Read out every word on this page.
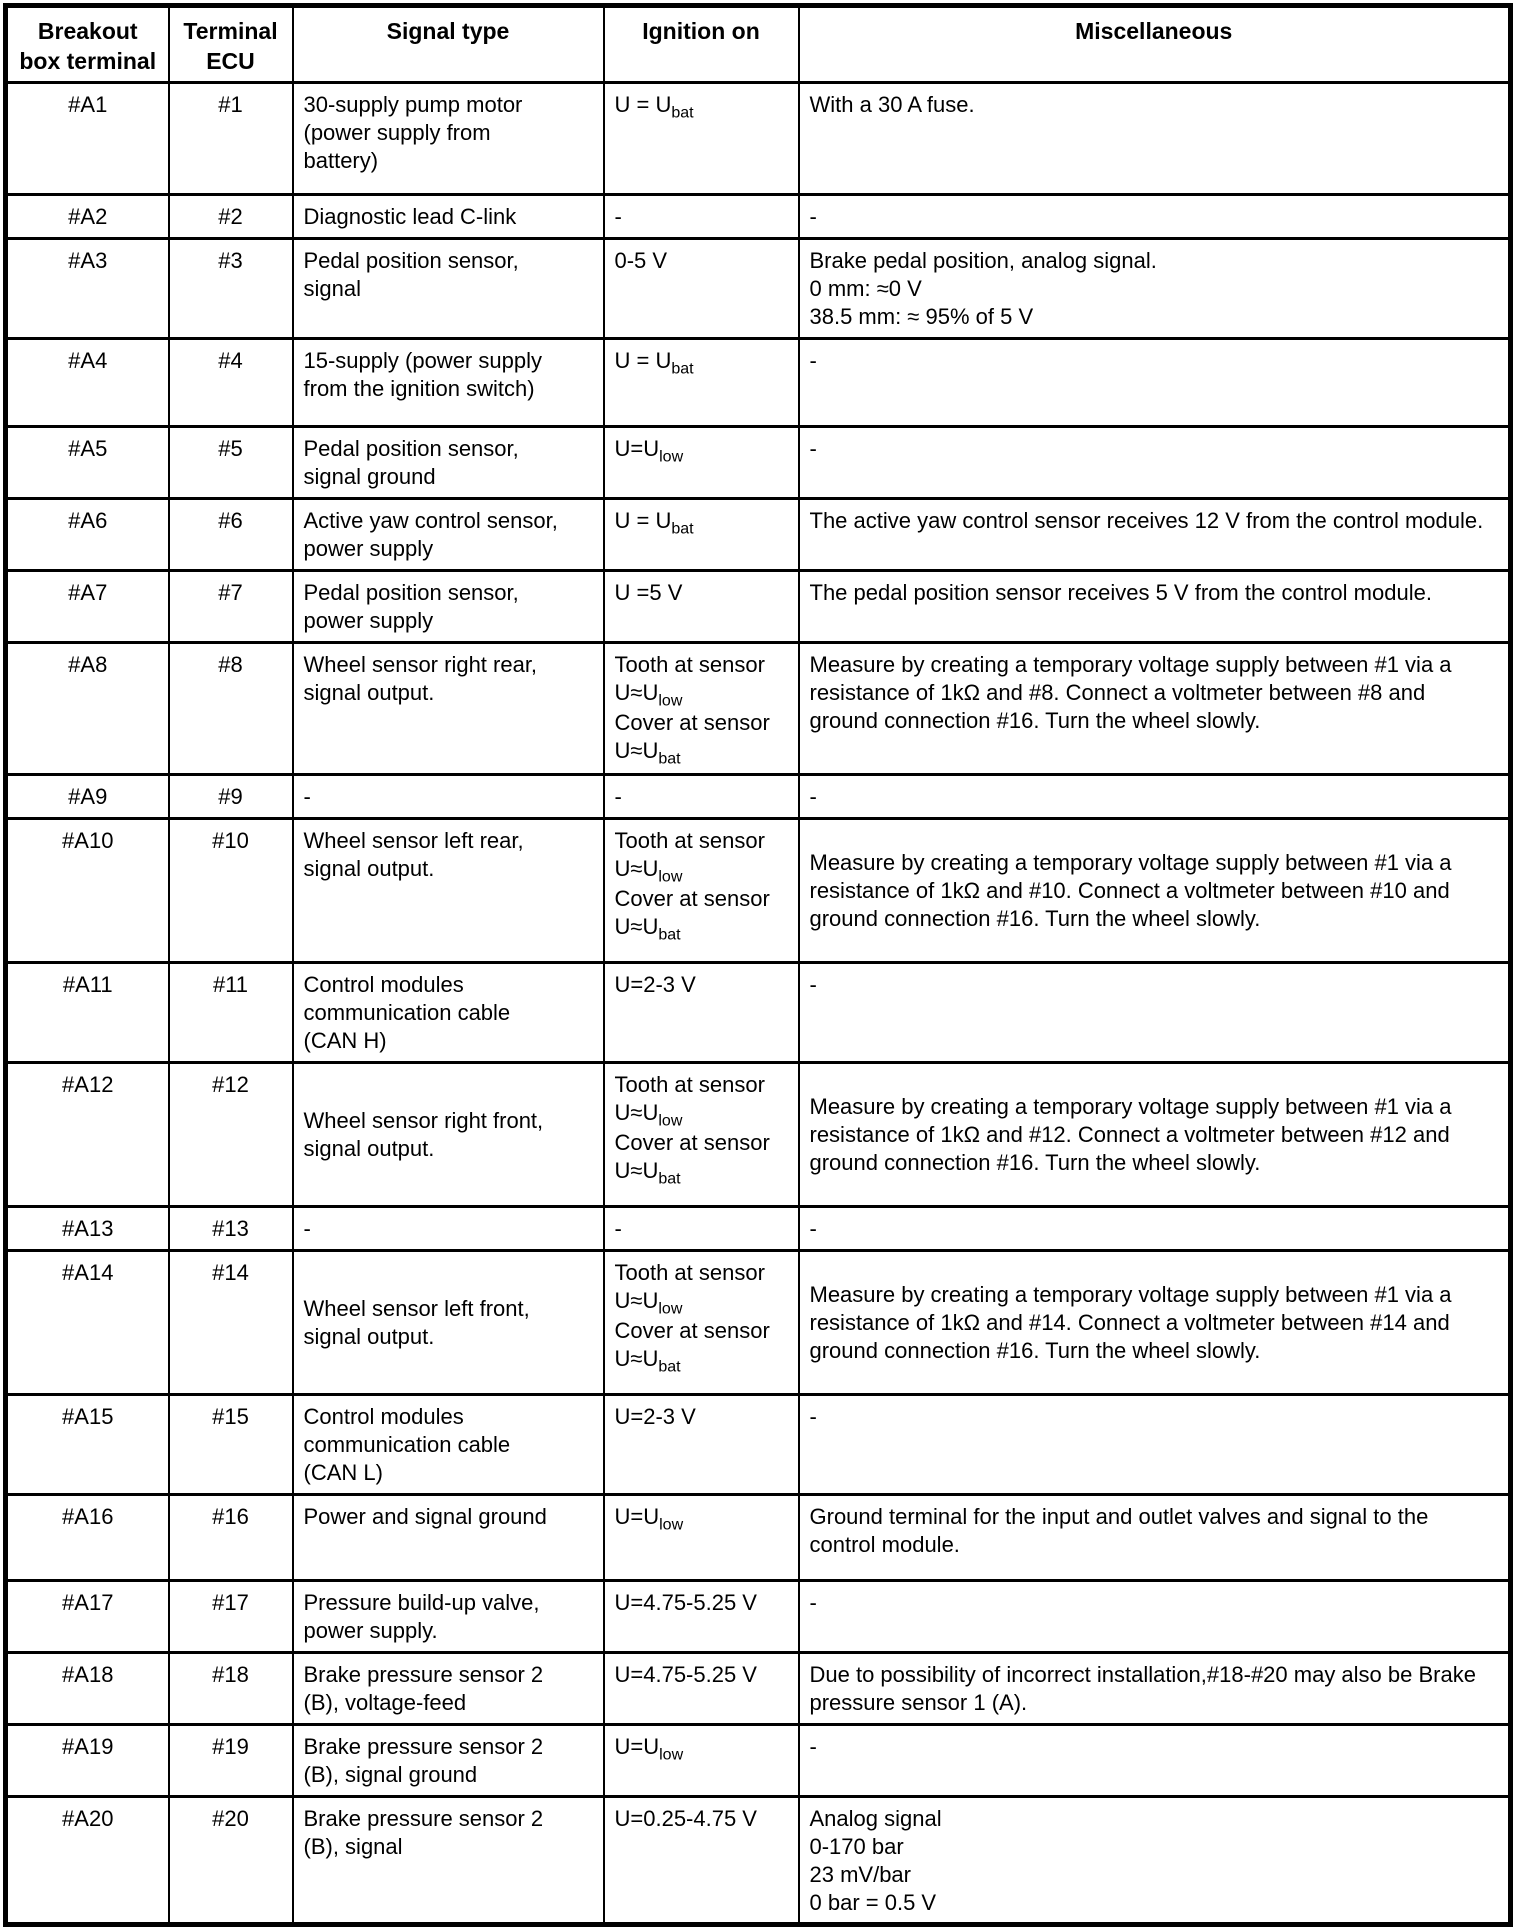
Breakout
box terminal	Terminal
ECU	Signal type	Ignition on	Miscellaneous
#A1	#1	30-supply pump motor
(power supply from
battery)	$U = U_{bat}$	With a 30 A fuse.
#A2	#2	Diagnostic lead C-link	-	-
#A3	#3	Pedal position sensor,
signal	0-5 V	Brake pedal position, analog signal.
0 mm: ≈0 V
38.5 mm: ≈ 95% of 5 V
#A4	#4	15-supply (power supply
from the ignition switch)	$U = U_{bat}$	-
#A5	#5	Pedal position sensor,
signal ground	$U=U_{low}$	-
#A6	#6	Active yaw control sensor,
power supply	$U = U_{bat}$	The active yaw control sensor receives 12 V from the control module.
#A7	#7	Pedal position sensor,
power supply	U =5 V	The pedal position sensor receives 5 V from the control module.
#A8	#8	Wheel sensor right rear,
signal output.	Tooth at sensor
$U\approx U_{low}$
Cover at sensor
$U\approx U_{bat}$	Measure by creating a temporary voltage supply between #1 via a resistance of 1kΩ and #8. Connect a voltmeter between #8 and ground connection #16. Turn the wheel slowly.
#A9	#9	-	-	-
#A10	#10	Wheel sensor left rear,
signal output.	Tooth at sensor
$U\approx U_{low}$
Cover at sensor
$U\approx U_{bat}$	Measure by creating a temporary voltage supply between #1 via a resistance of 1kΩ and #10. Connect a voltmeter between #10 and ground connection #16. Turn the wheel slowly.
#A11	#11	Control modules
communication cable
(CAN H)	U=2-3 V	-
#A12	#12	Wheel sensor right front,
signal output.	Tooth at sensor
$U\approx U_{low}$
Cover at sensor
$U\approx U_{bat}$	Measure by creating a temporary voltage supply between #1 via a resistance of 1kΩ and #12. Connect a voltmeter between #12 and ground connection #16. Turn the wheel slowly.
#A13	#13	-	-	-
#A14	#14	Wheel sensor left front,
signal output.	Tooth at sensor
$U\approx U_{low}$
Cover at sensor
$U\approx U_{bat}$	Measure by creating a temporary voltage supply between #1 via a resistance of 1kΩ and #14. Connect a voltmeter between #14 and ground connection #16. Turn the wheel slowly.
#A15	#15	Control modules
communication cable
(CAN L)	U=2-3 V	-
#A16	#16	Power and signal ground	$U=U_{low}$	Ground terminal for the input and outlet valves and signal to the control module.
#A17	#17	Pressure build-up valve,
power supply.	U=4.75-5.25 V	-
#A18	#18	Brake pressure sensor 2
(B), voltage-feed	U=4.75-5.25 V	Due to possibility of incorrect installation,#18-#20 may also be Brake pressure sensor 1 (A).
#A19	#19	Brake pressure sensor 2
(B), signal ground	$U=U_{low}$	-
#A20	#20	Brake pressure sensor 2
(B), signal	U=0.25-4.75 V	Analog signal
0-170 bar
23 mV/bar
0 bar = 0.5 V
